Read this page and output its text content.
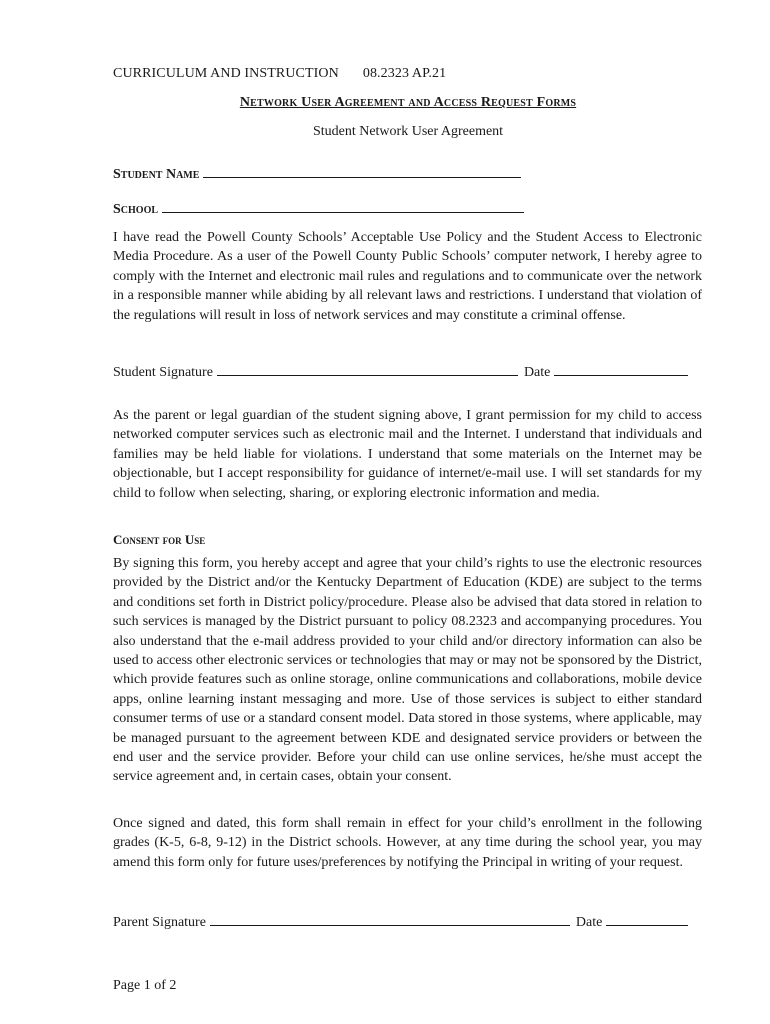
CURRICULUM AND INSTRUCTION 08.2323 AP.21
Network User Agreement and Access Request Forms
Student Network User Agreement
Student Name
School
I have read the Powell County Schools’ Acceptable Use Policy and the Student Access to Electronic Media Procedure. As a user of the Powell County Public Schools’ computer network, I hereby agree to comply with the Internet and electronic mail rules and regulations and to communicate over the network in a responsible manner while abiding by all relevant laws and restrictions. I understand that violation of the regulations will result in loss of network services and may constitute a criminal offense.
Student Signature	Date
As the parent or legal guardian of the student signing above, I grant permission for my child to access networked computer services such as electronic mail and the Internet. I understand that individuals and families may be held liable for violations. I understand that some materials on the Internet may be objectionable, but I accept responsibility for guidance of internet/e-mail use. I will set standards for my child to follow when selecting, sharing, or exploring electronic information and media.
Consent for Use
By signing this form, you hereby accept and agree that your child’s rights to use the electronic resources provided by the District and/or the Kentucky Department of Education (KDE) are subject to the terms and conditions set forth in District policy/procedure. Please also be advised that data stored in relation to such services is managed by the District pursuant to policy 08.2323 and accompanying procedures. You also understand that the e-mail address provided to your child and/or directory information can also be used to access other electronic services or technologies that may or may not be sponsored by the District, which provide features such as online storage, online communications and collaborations, mobile device apps, online learning instant messaging and more. Use of those services is subject to either standard consumer terms of use or a standard consent model. Data stored in those systems, where applicable, may be managed pursuant to the agreement between KDE and designated service providers or between the end user and the service provider. Before your child can use online services, he/she must accept the service agreement and, in certain cases, obtain your consent.
Once signed and dated, this form shall remain in effect for your child’s enrollment in the following grades (K-5, 6-8, 9-12) in the District schools. However, at any time during the school year, you may amend this form only for future uses/preferences by notifying the Principal in writing of your request.
Parent Signature	Date
Page 1 of 2
